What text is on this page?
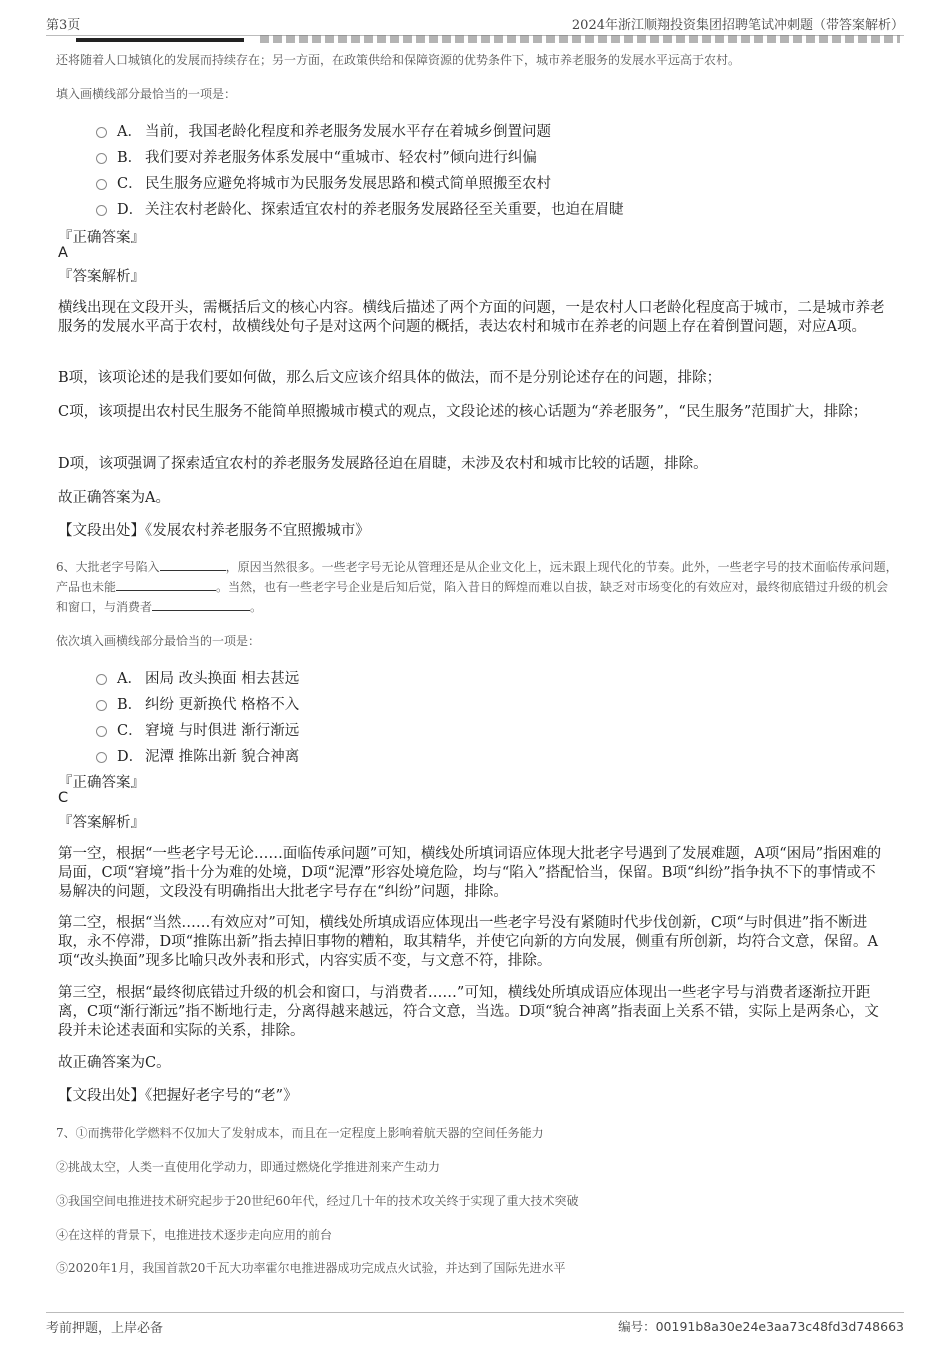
第3页	2024年浙江顺翔投资集团招聘笔试冲刺题（带答案解析）
还将随着人口城镇化的发展而持续存在；另一方面，在政策供给和保障资源的优势条件下，城市养老服务的发展水平远高于农村。
填入画横线部分最恰当的一项是：
A． 当前，我国老龄化程度和养老服务发展水平存在着城乡倒置问题
B． 我们要对养老服务体系发展中“重城市、轻农村”倾向进行纠偏
C． 民生服务应避免将城市为民服务发展思路和模式简单照搬至农村
D． 关注农村老龄化、探索适宜农村的养老服务发展路径至关重要，也迫在眉睫
『正确答案』
A
『答案解析』
横线出现在文段开头，需概括后文的核心内容。横线后描述了两个方面的问题，一是农村人口老龄化程度高于城市，二是城市养老服务的发展水平高于农村，故横线处句子是对这两个问题的概括，表达农村和城市在养老的问题上存在着倒置问题，对应A项。
B项，该项论述的是我们要如何做，那么后文应该介绍具体的做法，而不是分别论述存在的问题，排除；
C项，该项提出农村民生服务不能简单照搬城市模式的观点，文段论述的核心话题为“养老服务”，“民生服务”范围扩大，排除；
D项，该项强调了探索适宜农村的养老服务发展路径迫在眉睫，未涉及农村和城市比较的话题，排除。
故正确答案为A。
【文段出处】《发展农村养老服务不宜照搬城市》
6、大批老字号陷入	，原因当然很多。一些老字号无论从管理还是从企业文化上，远未跟上现代化的节奏。此外，一些老字号的技术面临传承问题，产品也未能	。当然，也有一些老字号企业是后知后觉，陷入昔日的辉煌而难以自拔，缺乏对市场变化的有效应对，最终彻底错过升级的机会和窗口，与消费者	。
依次填入画横线部分最恰当的一项是：
A． 困局 改头换面 相去甚远
B． 纠纷 更新换代 格格不入
C． 窘境 与时俱进 渐行渐远
D． 泥潭 推陈出新 貌合神离
『正确答案』
C
『答案解析』
第一空，根据“一些老字号无论……面临传承问题”可知，横线处所填词语应体现大批老字号遇到了发展难题，A项“困局”指困难的局面，C项“窘境”指十分为难的处境，D项“泥潭”形容处境危险，均与“陷入”搭配恰当，保留。B项“纠纷”指争执不下的事情或不易解决的问题，文段没有明确指出大批老字号存在“纠纷”问题，排除。
第二空，根据“当然……有效应对”可知，横线处所填成语应体现出一些老字号没有紧随时代步伐创新，C项“与时俱进”指不断进取，永不停滞，D项“推陈出新”指去掉旧事物的糟粕，取其精华，并使它向新的方向发展，侧重有所创新，均符合文意，保留。A项“改头换面”现多比喻只改外表和形式，内容实质不变，与文意不符，排除。
第三空，根据“最终彻底错过升级的机会和窗口，与消费者……”可知，横线处所填成语应体现出一些老字号与消费者逐渐拉开距离，C项“渐行渐远”指不断地行走，分离得越来越远，符合文意，当选。D项“貌合神离”指表面上关系不错，实际上是两条心，文段并未论述表面和实际的关系，排除。
故正确答案为C。
【文段出处】《把握好老字号的“老”》
7、①而携带化学燃料不仅加大了发射成本，而且在一定程度上影响着航天器的空间任务能力
②挑战太空，人类一直使用化学动力，即通过燃烧化学推进剂来产生动力
③我国空间电推进技术研究起步于20世纪60年代，经过几十年的技术攻关终于实现了重大技术突破
④在这样的背景下，电推进技术逐步走向应用的前台
⑤2020年1月，我国首款20千瓦大功率霍尔电推进器成功完成点火试验，并达到了国际先进水平
考前押题，上岸必备	编号：00191b8a30e24e3aa73c48fd3d748663
